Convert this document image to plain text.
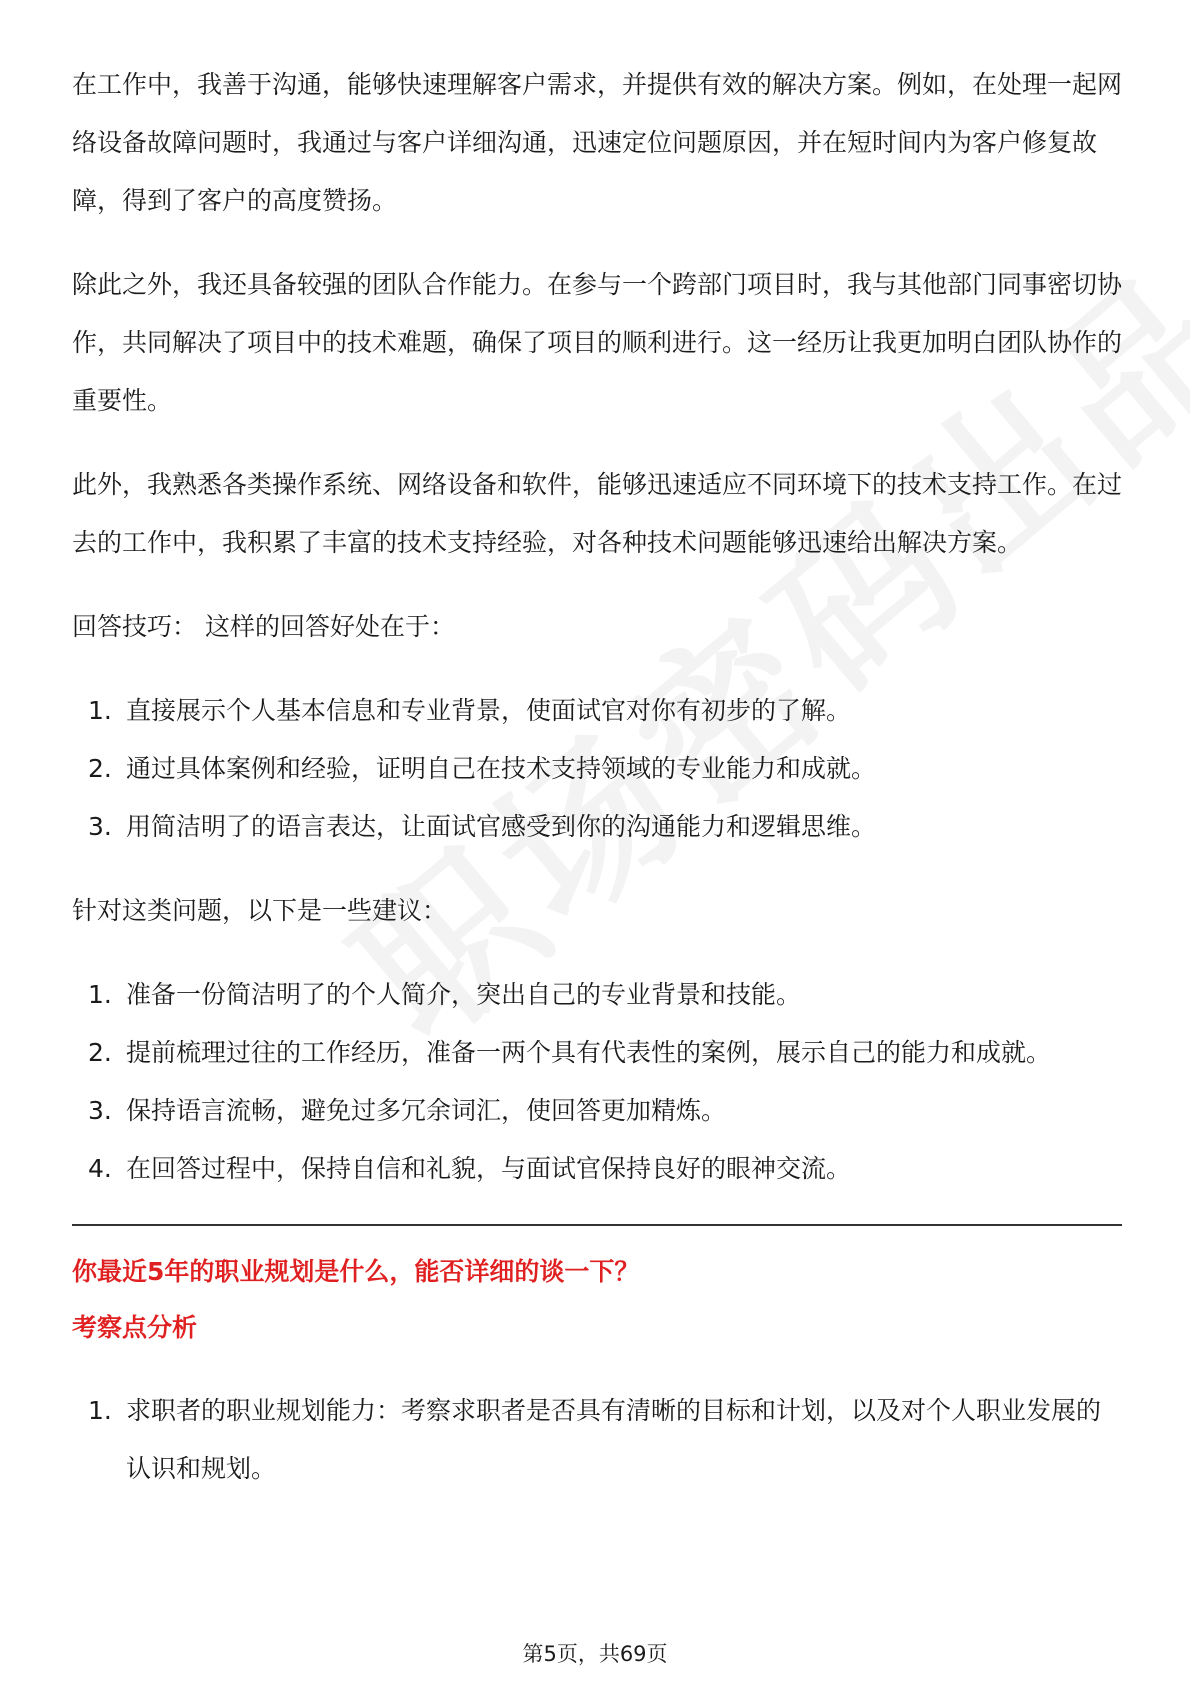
在工作中，我善于沟通，能够快速理解客户需求，并提供有效的解决方案。例如，在处理一起网络设备故障问题时，我通过与客户详细沟通，迅速定位问题原因，并在短时间内为客户修复故障，得到了客户的高度赞扬。

除此之外，我还具备较强的团队合作能力。在参与一个跨部门项目时，我与其他部门同事密切协作，共同解决了项目中的技术难题，确保了项目的顺利进行。这一经历让我更加明白团队协作的重要性。

此外，我熟悉各类操作系统、网络设备和软件，能够迅速适应不同环境下的技术支持工作。在过去的工作中，我积累了丰富的技术支持经验，对各种技术问题能够迅速给出解决方案。

回答技巧： 这样的回答好处在于：

1. 直接展示个人基本信息和专业背景，使面试官对你有初步的了解。
2. 通过具体案例和经验，证明自己在技术支持领域的专业能力和成就。
3. 用简洁明了的语言表达，让面试官感受到你的沟通能力和逻辑思维。

针对这类问题，以下是一些建议：

1. 准备一份简洁明了的个人简介，突出自己的专业背景和技能。
2. 提前梳理过往的工作经历，准备一两个具有代表性的案例，展示自己的能力和成就。
3. 保持语言流畅，避免过多冗余词汇，使回答更加精炼。
4. 在回答过程中，保持自信和礼貌，与面试官保持良好的眼神交流。

你最近5年的职业规划是什么，能否详细的谈一下？

考察点分析

1. 求职者的职业规划能力：考察求职者是否具有清晰的目标和计划，以及对个人职业发展的认识和规划。
第5页，共69页
